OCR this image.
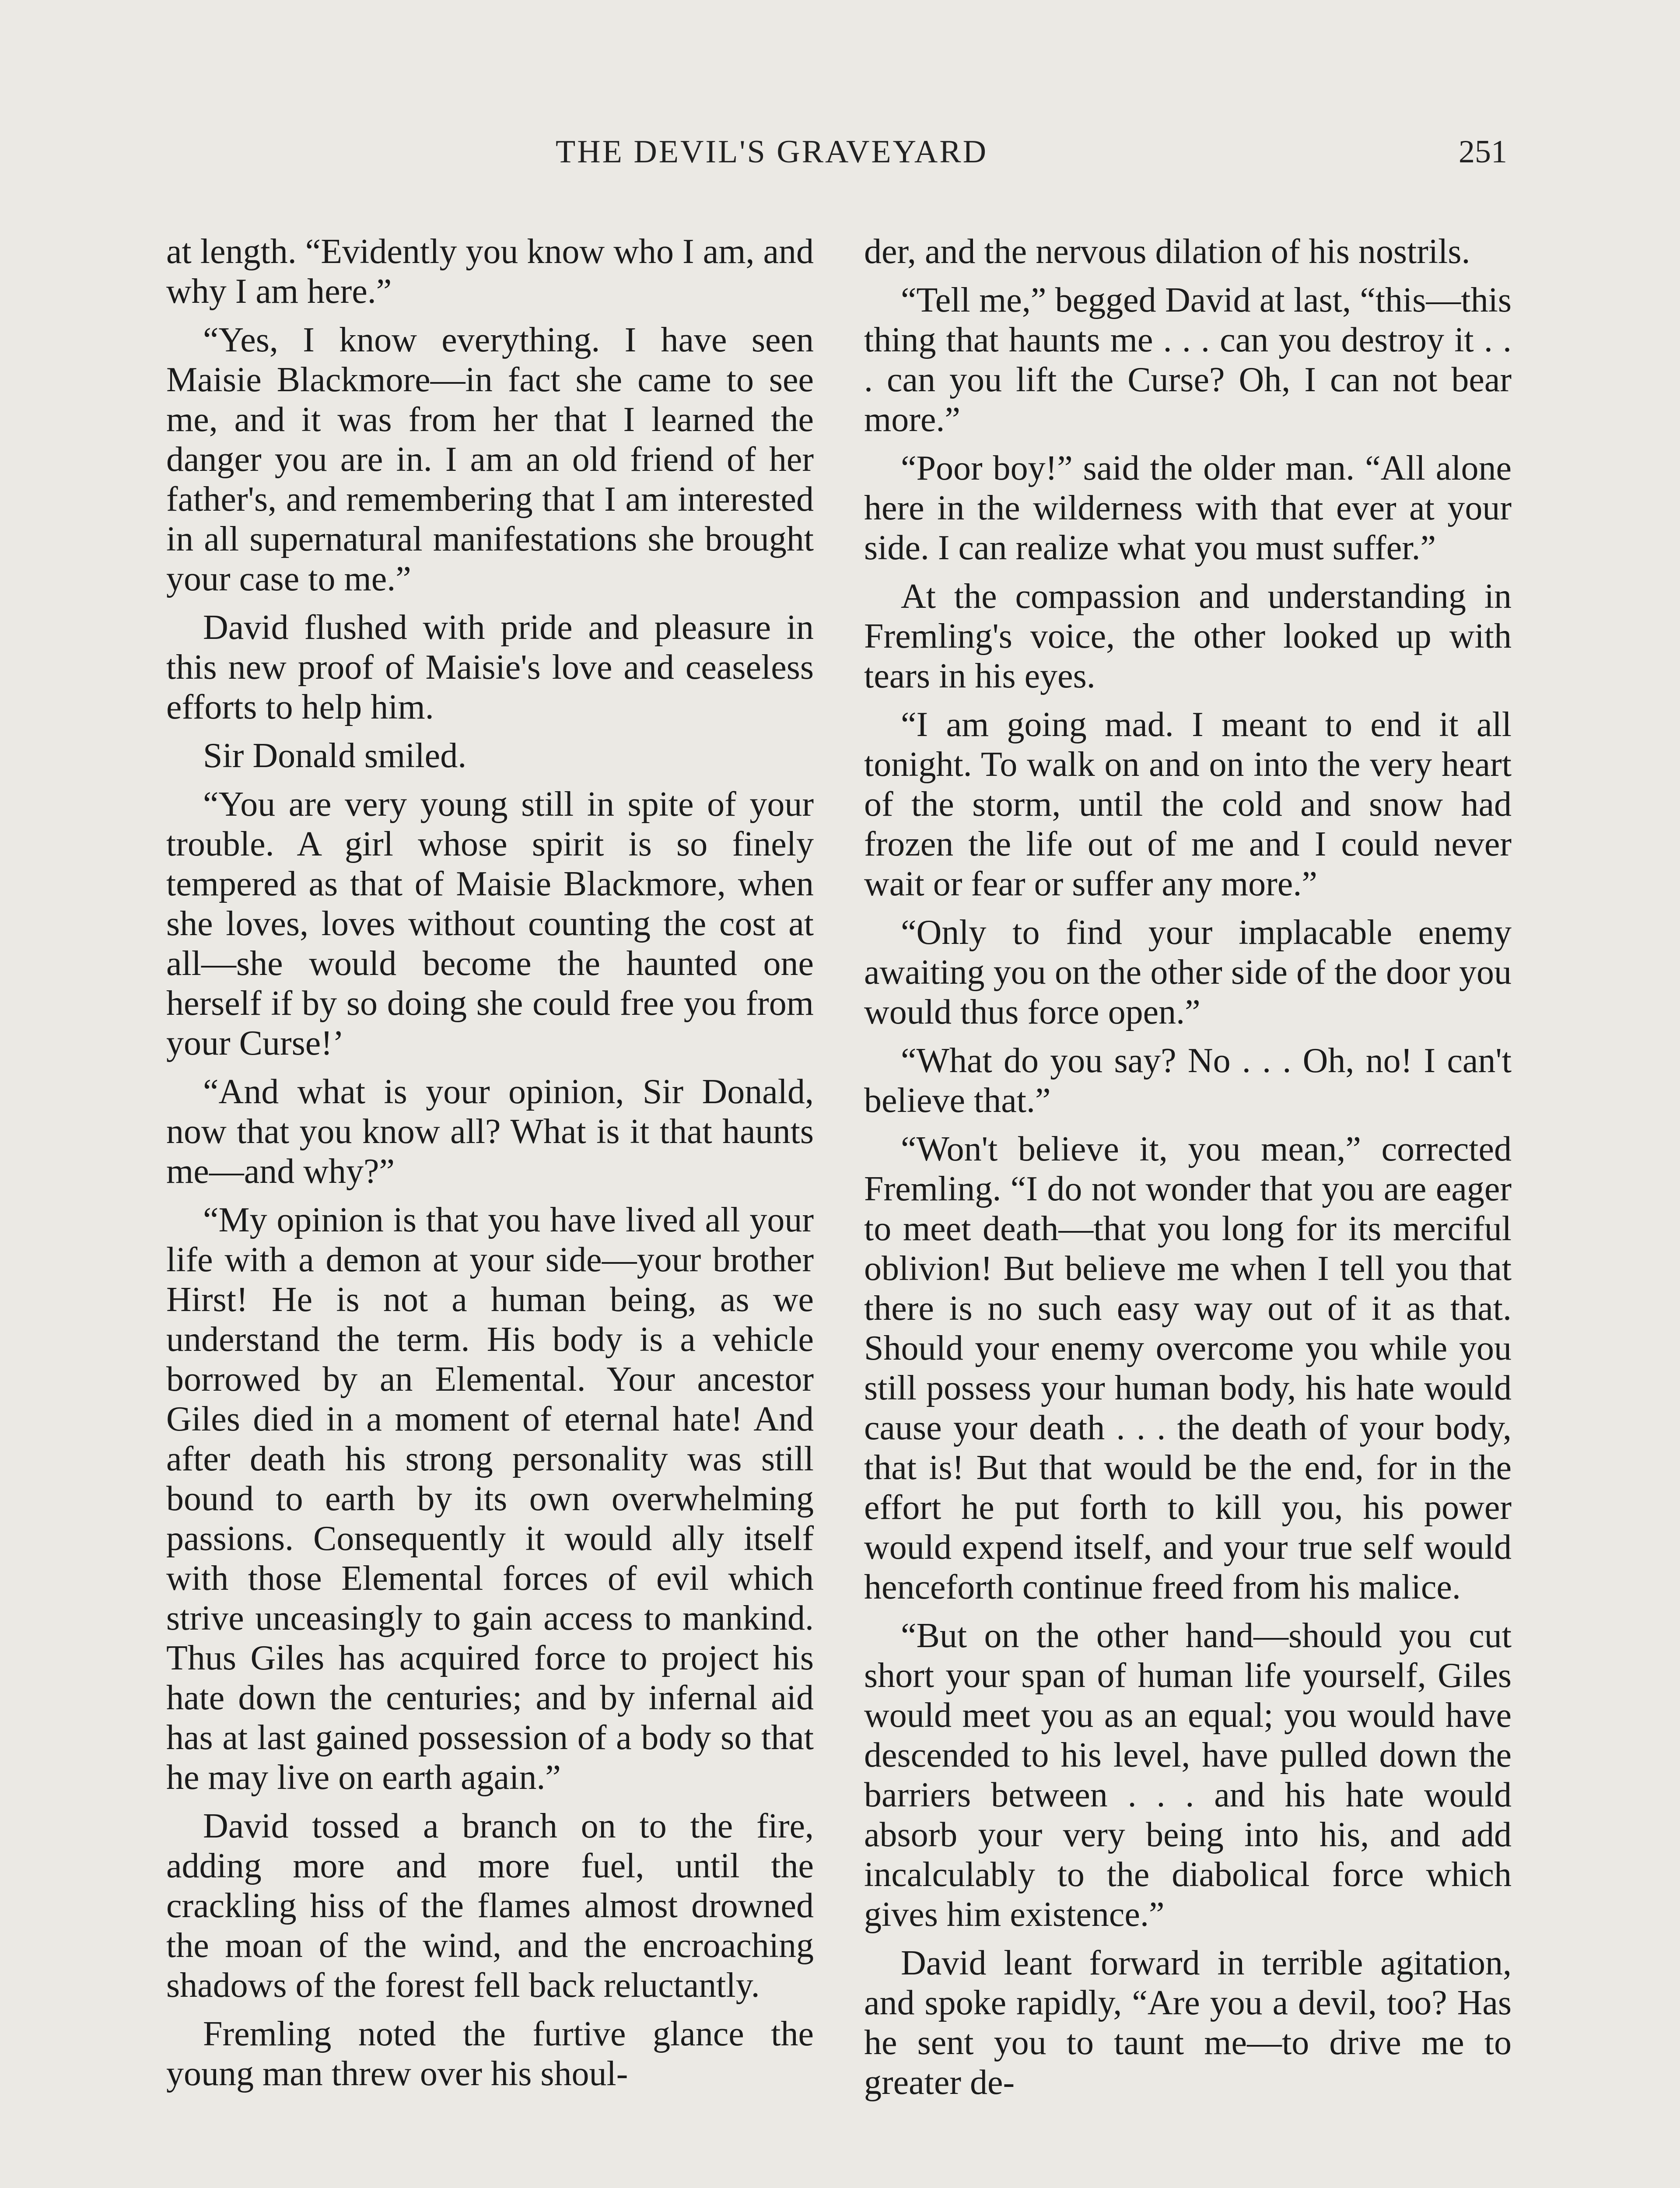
THE DEVIL'S GRAVEYARD	251

at length. “Evidently you know who I am, and why I am here.”

“Yes, I know everything. I have seen Maisie Blackmore—in fact she came to see me, and it was from her that I learned the danger you are in. I am an old friend of her father's, and remembering that I am interested in all supernatural manifestations she brought your case to me.”

David flushed with pride and pleasure in this new proof of Maisie's love and ceaseless efforts to help him.

Sir Donald smiled.

“You are very young still in spite of your trouble. A girl whose spirit is so finely tempered as that of Maisie Blackmore, when she loves, loves without counting the cost at all—she would become the haunted one herself if by so doing she could free you from your Curse!’

“And what is your opinion, Sir Donald, now that you know all? What is it that haunts me—and why?”

“My opinion is that you have lived all your life with a demon at your side—your brother Hirst! He is not a human being, as we understand the term. His body is a vehicle borrowed by an Elemental. Your ancestor Giles died in a moment of eternal hate! And after death his strong personality was still bound to earth by its own overwhelming passions. Consequently it would ally itself with those Elemental forces of evil which strive unceasingly to gain access to mankind. Thus Giles has acquired force to project his hate down the centuries; and by infernal aid has at last gained possession of a body so that he may live on earth again.”

David tossed a branch on to the fire, adding more and more fuel, until the crackling hiss of the flames almost drowned the moan of the wind, and the encroaching shadows of the forest fell back reluctantly.

Fremling noted the furtive glance the young man threw over his shoul-

der, and the nervous dilation of his nostrils.

“Tell me,” begged David at last, “this—this thing that haunts me . . . can you destroy it . . . can you lift the Curse? Oh, I can not bear more.”

“Poor boy!” said the older man. “All alone here in the wilderness with that ever at your side. I can realize what you must suffer.”

At the compassion and understanding in Fremling's voice, the other looked up with tears in his eyes.

“I am going mad. I meant to end it all tonight. To walk on and on into the very heart of the storm, until the cold and snow had frozen the life out of me and I could never wait or fear or suffer any more.”

“Only to find your implacable enemy awaiting you on the other side of the door you would thus force open.”

“What do you say? No . . . Oh, no! I can't believe that.”

“Won't believe it, you mean,” corrected Fremling. “I do not wonder that you are eager to meet death—that you long for its merciful oblivion! But believe me when I tell you that there is no such easy way out of it as that. Should your enemy overcome you while you still possess your human body, his hate would cause your death . . . the death of your body, that is! But that would be the end, for in the effort he put forth to kill you, his power would expend itself, and your true self would henceforth continue freed from his malice.

“But on the other hand—should you cut short your span of human life yourself, Giles would meet you as an equal; you would have descended to his level, have pulled down the barriers between . . . and his hate would absorb your very being into his, and add incalculably to the diabolical force which gives him existence.”

David leant forward in terrible agitation, and spoke rapidly, “Are you a devil, too? Has he sent you to taunt me—to drive me to greater de-
